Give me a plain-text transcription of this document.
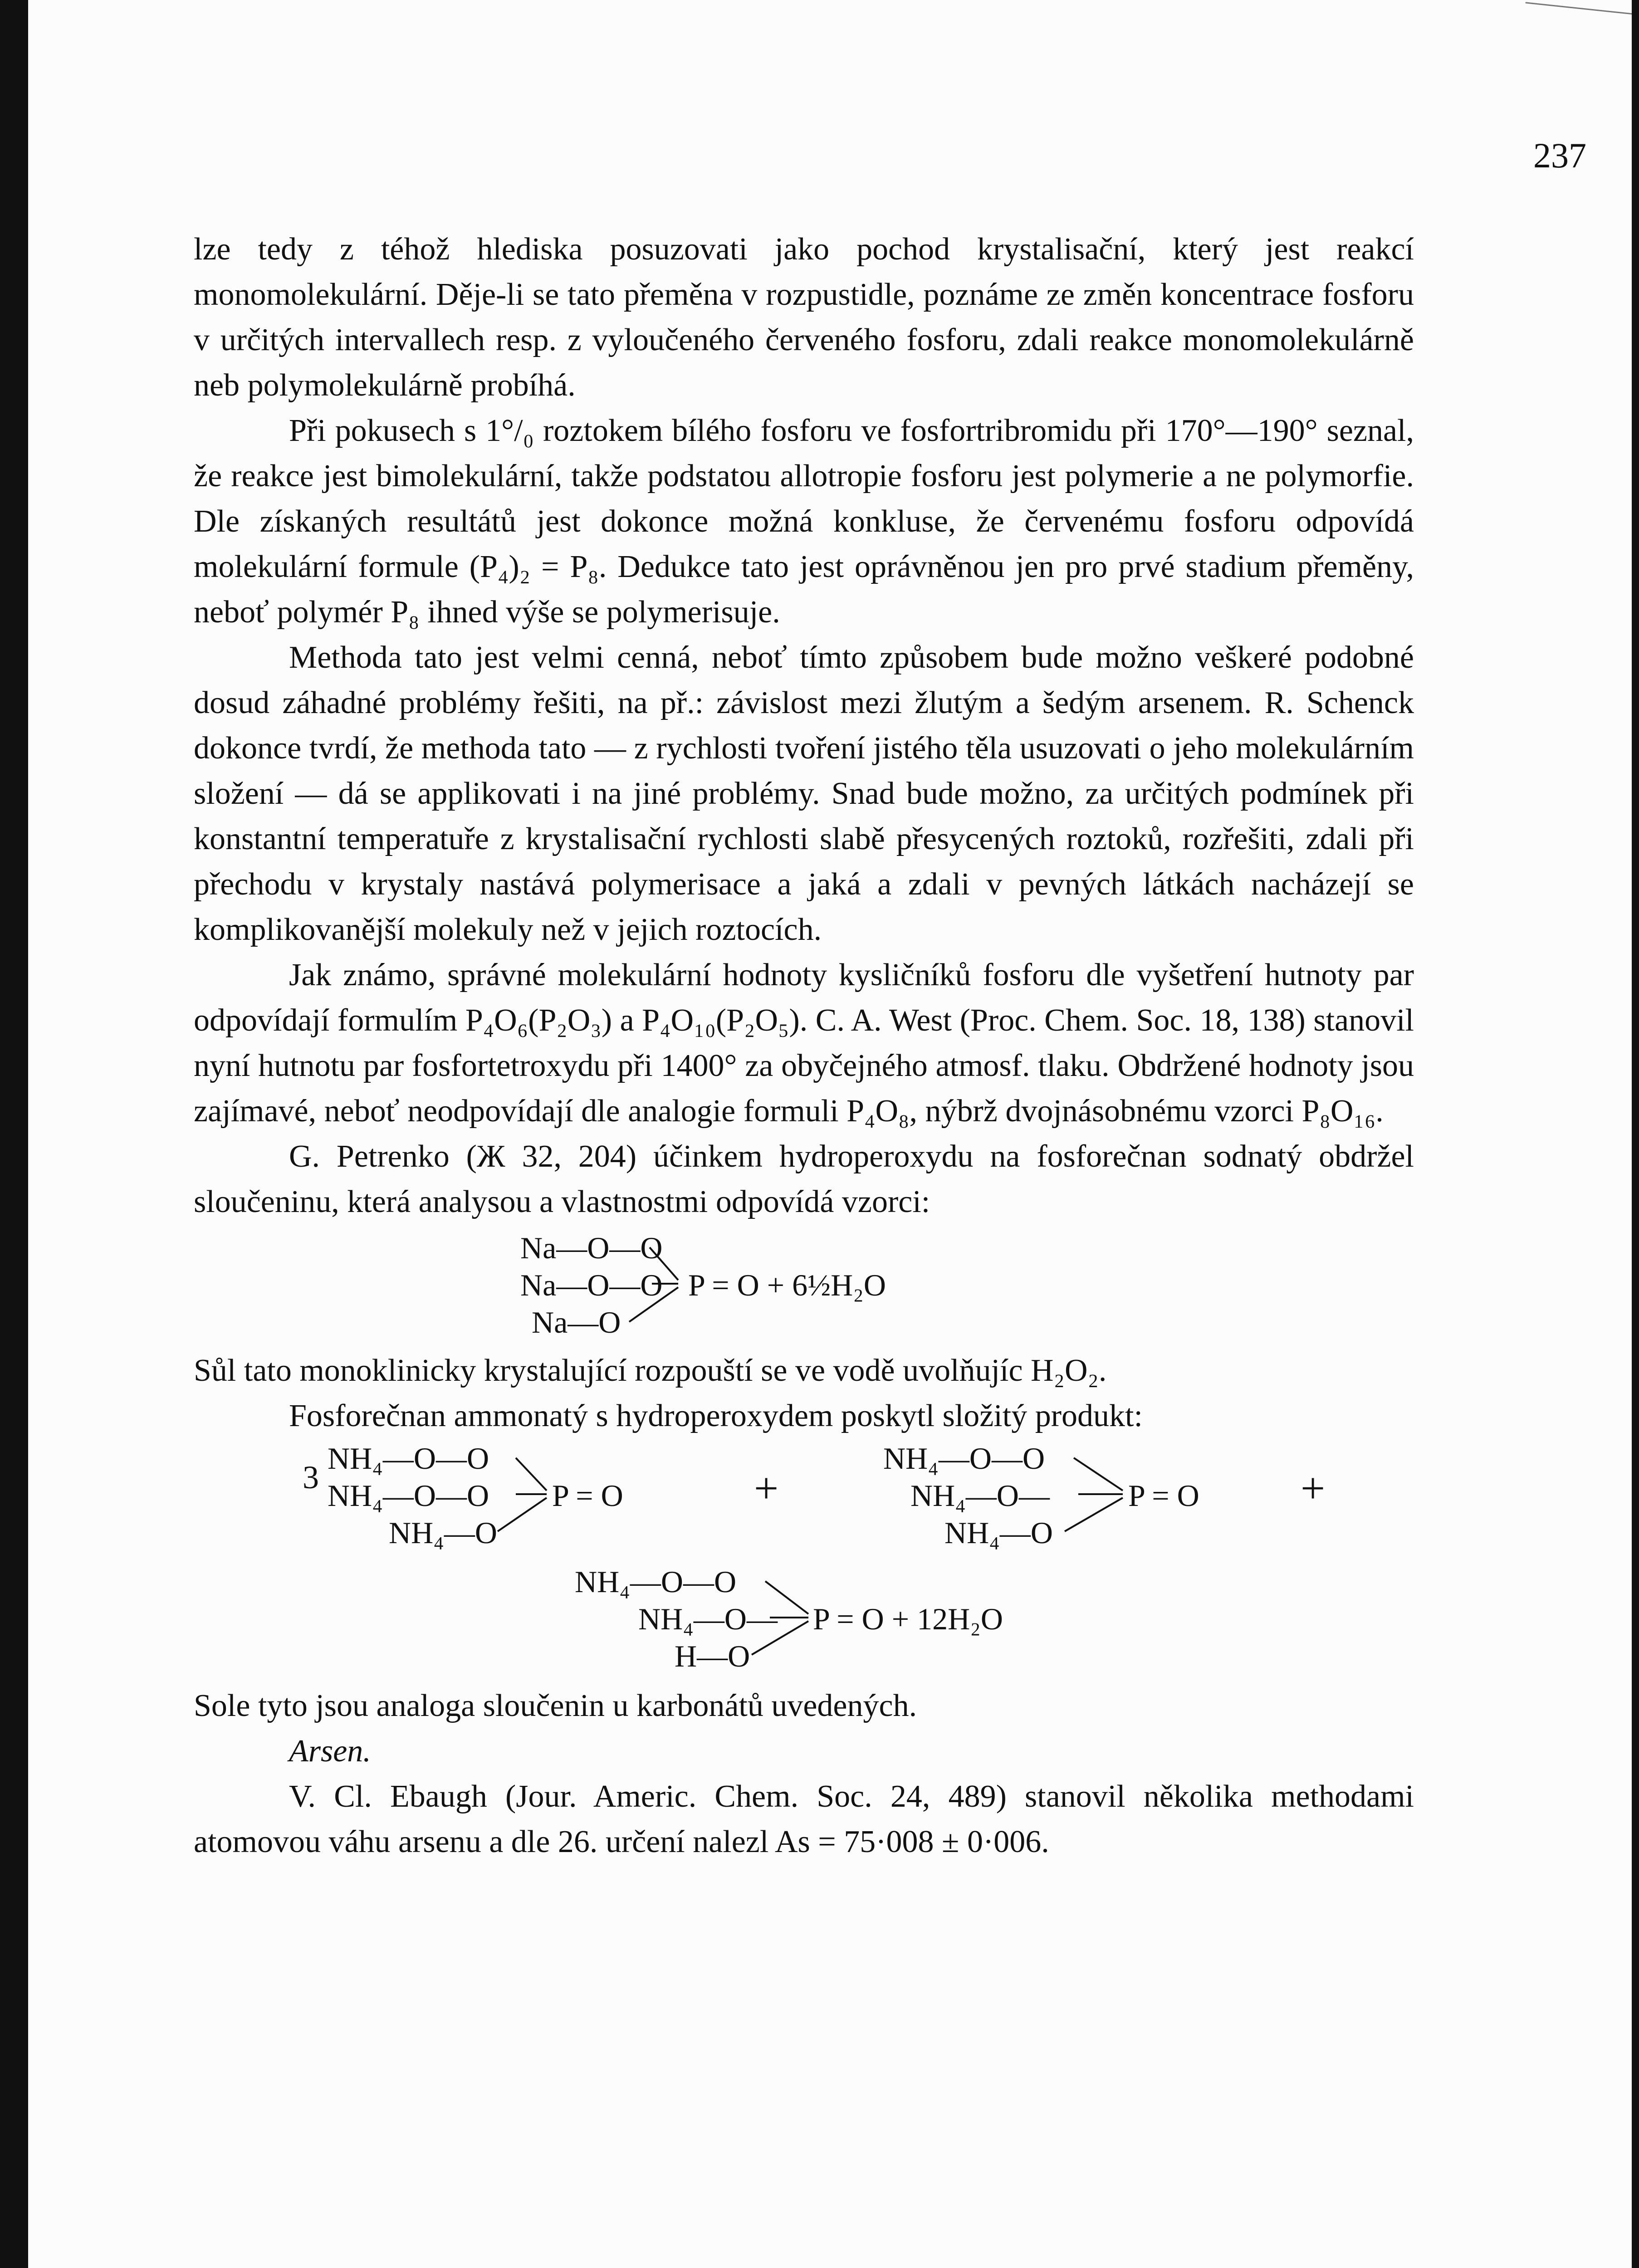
237

lze tedy z téhož hlediska posuzovati jako pochod krystalisační, který jest reakcí monomolekulární. Děje-li se tato přeměna v rozpustidle, poznáme ze změn koncentrace fosforu v určitých intervallech resp. z vyloučeného červeného fosforu, zdali reakce monomolekulárně neb polymolekulárně probíhá.

Při pokusech s 1°/₀ roztokem bílého fosforu ve fosfortribromidu při 170°—190° seznal, že reakce jest bimolekulární, takže podstatou allotropie fosforu jest polymerie a ne polymorfie. Dle získaných resultátů jest dokonce možná konkluse, že červenému fosforu odpovídá molekulární formule (P₄)₂ = P₈. Dedukce tato jest oprávněnou jen pro prvé stadium přeměny, neboť polymér P₈ ihned výše se polymerisuje.

Methoda tato jest velmi cenná, neboť tímto způsobem bude možno veškeré podobné dosud záhadné problémy řešiti, na př.: závislost mezi žlutým a šedým arsenem. R. Schenck dokonce tvrdí, že methoda tato — z rychlosti tvoření jistého těla usuzovati o jeho molekulárním složení — dá se applikovati i na jiné problémy. Snad bude možno, za určitých podmínek při konstantní temperatuře z krystalisační rychlosti slabě přesycených roztoků, rozřešiti, zdali při přechodu v krystaly nastává polymerisace a jaká a zdali v pevných látkách nacházejí se komplikovanější molekuly než v jejich roztocích.

Jak známo, správné molekulární hodnoty kysličníků fosforu dle vyšetření hutnoty par odpovídají formulím P₄O₆(P₂O₃) a P₄O₁₀(P₂O₅). C. A. West (Proc. Chem. Soc. 18, 138) stanovil nyní hutnotu par fosfortetroxydu při 1400° za obyčejného atmosf. tlaku. Obdržené hodnoty jsou zajímavé, neboť neodpovídají dle analogie formuli P₄O₈, nýbrž dvojnásobnému vzorci P₈O₁₆.

G. Petrenko (Ж 32, 204) účinkem hydroperoxydu na fosforečnan sodnatý obdržel sloučeninu, která analysou a vlastnostmi odpovídá vzorci:

Na—O—O
Na—O—O
Na—O
P = O + 6½H₂O

Sůl tato monoklinicky krystalující rozpouští se ve vodě uvolňujíc H₂O₂.

Fosforečnan ammonatý s hydroperoxydem poskytl složitý produkt:

3
NH₄—O—O
NH₄—O—O
NH₄—O
P = O	+
NH₄—O—O
NH₄—O—
NH₄—O
P = O +
NH₄—O—O
NH₄—O—
H—O
P = O + 12H₂O

Sole tyto jsou analoga sloučenin u karbonátů uvedených.

Arsen.

V. Cl. Ebaugh (Jour. Americ. Chem. Soc. 24, 489) stanovil několika methodami atomovou váhu arsenu a dle 26. určení nalezl As = 75·008 ± 0·006.
